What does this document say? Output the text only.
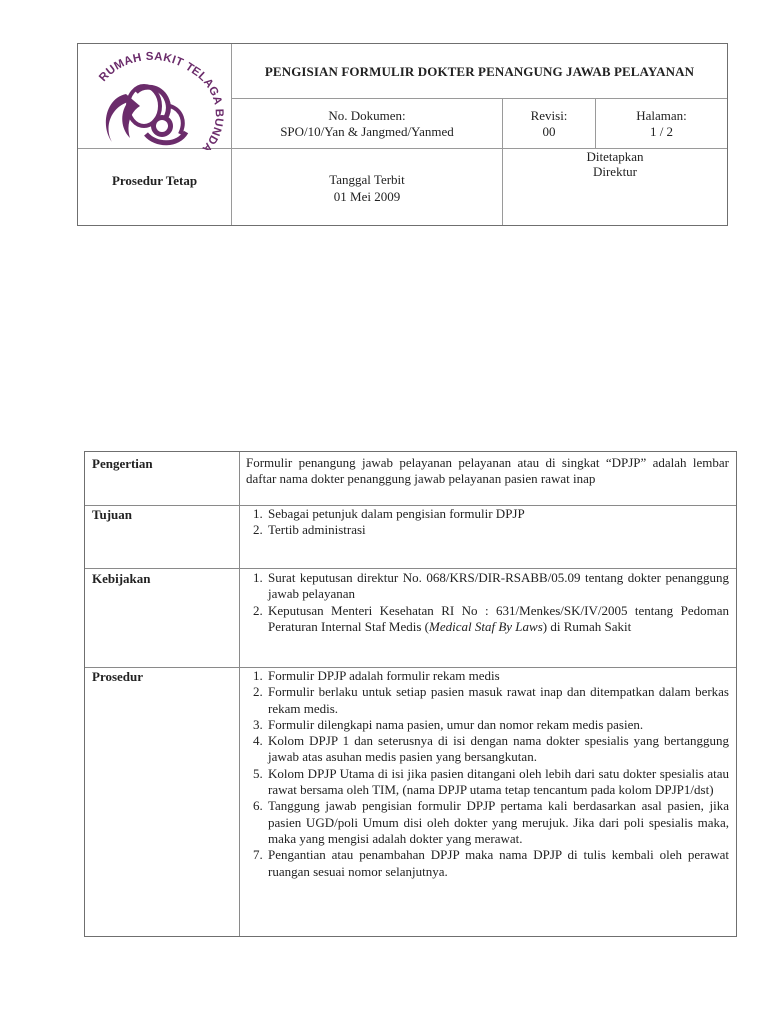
RUMAH SAKIT TELAGA BUNDA
PENGISIAN FORMULIR DOKTER PENANGUNG JAWAB PELAYANAN
No. Dokumen:
SPO/10/Yan & Jangmed/Yanmed
Revisi:
00
Halaman:
1 / 2
Prosedur Tetap	Tanggal Terbit
01 Mei 2009
Ditetapkan
Direktur
Pengertian	Formulir penangung jawab pelayanan pelayanan atau di singkat “DPJP” adalah lembar daftar nama dokter penanggung jawab pelayanan pasien rawat inap
Tujuan	1. Sebagai petunjuk dalam pengisian formulir DPJP
2. Tertib administrasi
Kebijakan	1. Surat keputusan direktur No. 068/KRS/DIR-RSABB/05.09 tentang dokter penanggung jawab pelayanan
2. Keputusan Menteri Kesehatan RI No : 631/Menkes/SK/IV/2005 tentang Pedoman Peraturan Internal Staf Medis (Medical Staf By Laws) di Rumah Sakit
Prosedur	1. Formulir DPJP adalah formulir rekam medis
2. Formulir berlaku untuk setiap pasien masuk rawat inap dan ditempatkan dalam berkas rekam medis.
3. Formulir dilengkapi nama pasien, umur dan nomor rekam medis pasien.
4. Kolom DPJP 1 dan seterusnya di isi dengan nama dokter spesialis yang bertanggung jawab atas asuhan medis pasien yang bersangkutan.
5. Kolom DPJP Utama di isi jika pasien ditangani oleh lebih dari satu dokter spesialis atau rawat bersama oleh TIM, (nama DPJP utama tetap tencantum pada kolom DPJP1/dst)
6. Tanggung jawab pengisian formulir DPJP pertama kali berdasarkan asal pasien, jika pasien UGD/poli Umum disi oleh dokter yang merujuk. Jika dari poli spesialis maka, maka yang mengisi adalah dokter yang merawat.
7. Pengantian atau penambahan DPJP maka nama DPJP di tulis kembali oleh perawat ruangan sesuai nomor selanjutnya.
